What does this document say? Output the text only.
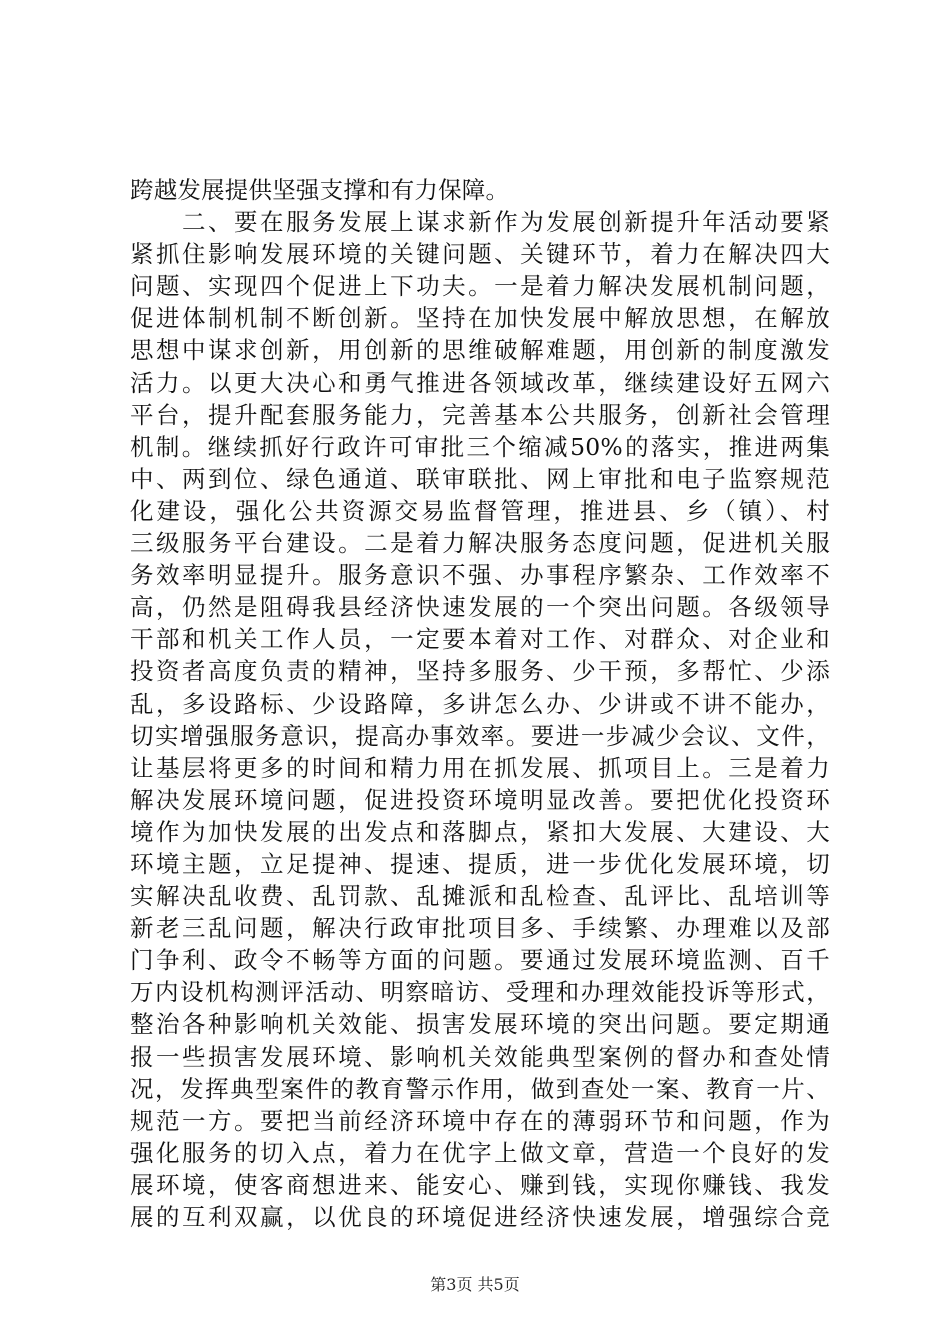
跨越发展提供坚强支撑和有力保障。
　　二、要在服务发展上谋求新作为发展创新提升年活动要紧
紧抓住影响发展环境的关键问题、关键环节，着力在解决四大
问题、实现四个促进上下功夫。一是着力解决发展机制问题，
促进体制机制不断创新。坚持在加快发展中解放思想，在解放
思想中谋求创新，用创新的思维破解难题，用创新的制度激发
活力。以更大决心和勇气推进各领域改革，继续建设好五网六
平台，提升配套服务能力，完善基本公共服务，创新社会管理
机制。继续抓好行政许可审批三个缩减50%的落实，推进两集
中、两到位、绿色通道、联审联批、网上审批和电子监察规范
化建设，强化公共资源交易监督管理，推进县、乡（镇）、村
三级服务平台建设。二是着力解决服务态度问题，促进机关服
务效率明显提升。服务意识不强、办事程序繁杂、工作效率不
高，仍然是阻碍我县经济快速发展的一个突出问题。各级领导
干部和机关工作人员，一定要本着对工作、对群众、对企业和
投资者高度负责的精神，坚持多服务、少干预，多帮忙、少添
乱，多设路标、少设路障，多讲怎么办、少讲或不讲不能办，
切实增强服务意识，提高办事效率。要进一步减少会议、文件，
让基层将更多的时间和精力用在抓发展、抓项目上。三是着力
解决发展环境问题，促进投资环境明显改善。要把优化投资环
境作为加快发展的出发点和落脚点，紧扣大发展、大建设、大
环境主题，立足提神、提速、提质，进一步优化发展环境，切
实解决乱收费、乱罚款、乱摊派和乱检查、乱评比、乱培训等
新老三乱问题，解决行政审批项目多、手续繁、办理难以及部
门争利、政令不畅等方面的问题。要通过发展环境监测、百千
万内设机构测评活动、明察暗访、受理和办理效能投诉等形式，
整治各种影响机关效能、损害发展环境的突出问题。要定期通
报一些损害发展环境、影响机关效能典型案例的督办和查处情
况，发挥典型案件的教育警示作用，做到查处一案、教育一片、
规范一方。要把当前经济环境中存在的薄弱环节和问题，作为
强化服务的切入点，着力在优字上做文章，营造一个良好的发
展环境，使客商想进来、能安心、赚到钱，实现你赚钱、我发
展的互利双赢，以优良的环境促进经济快速发展，增强综合竞
第3页 共5页
